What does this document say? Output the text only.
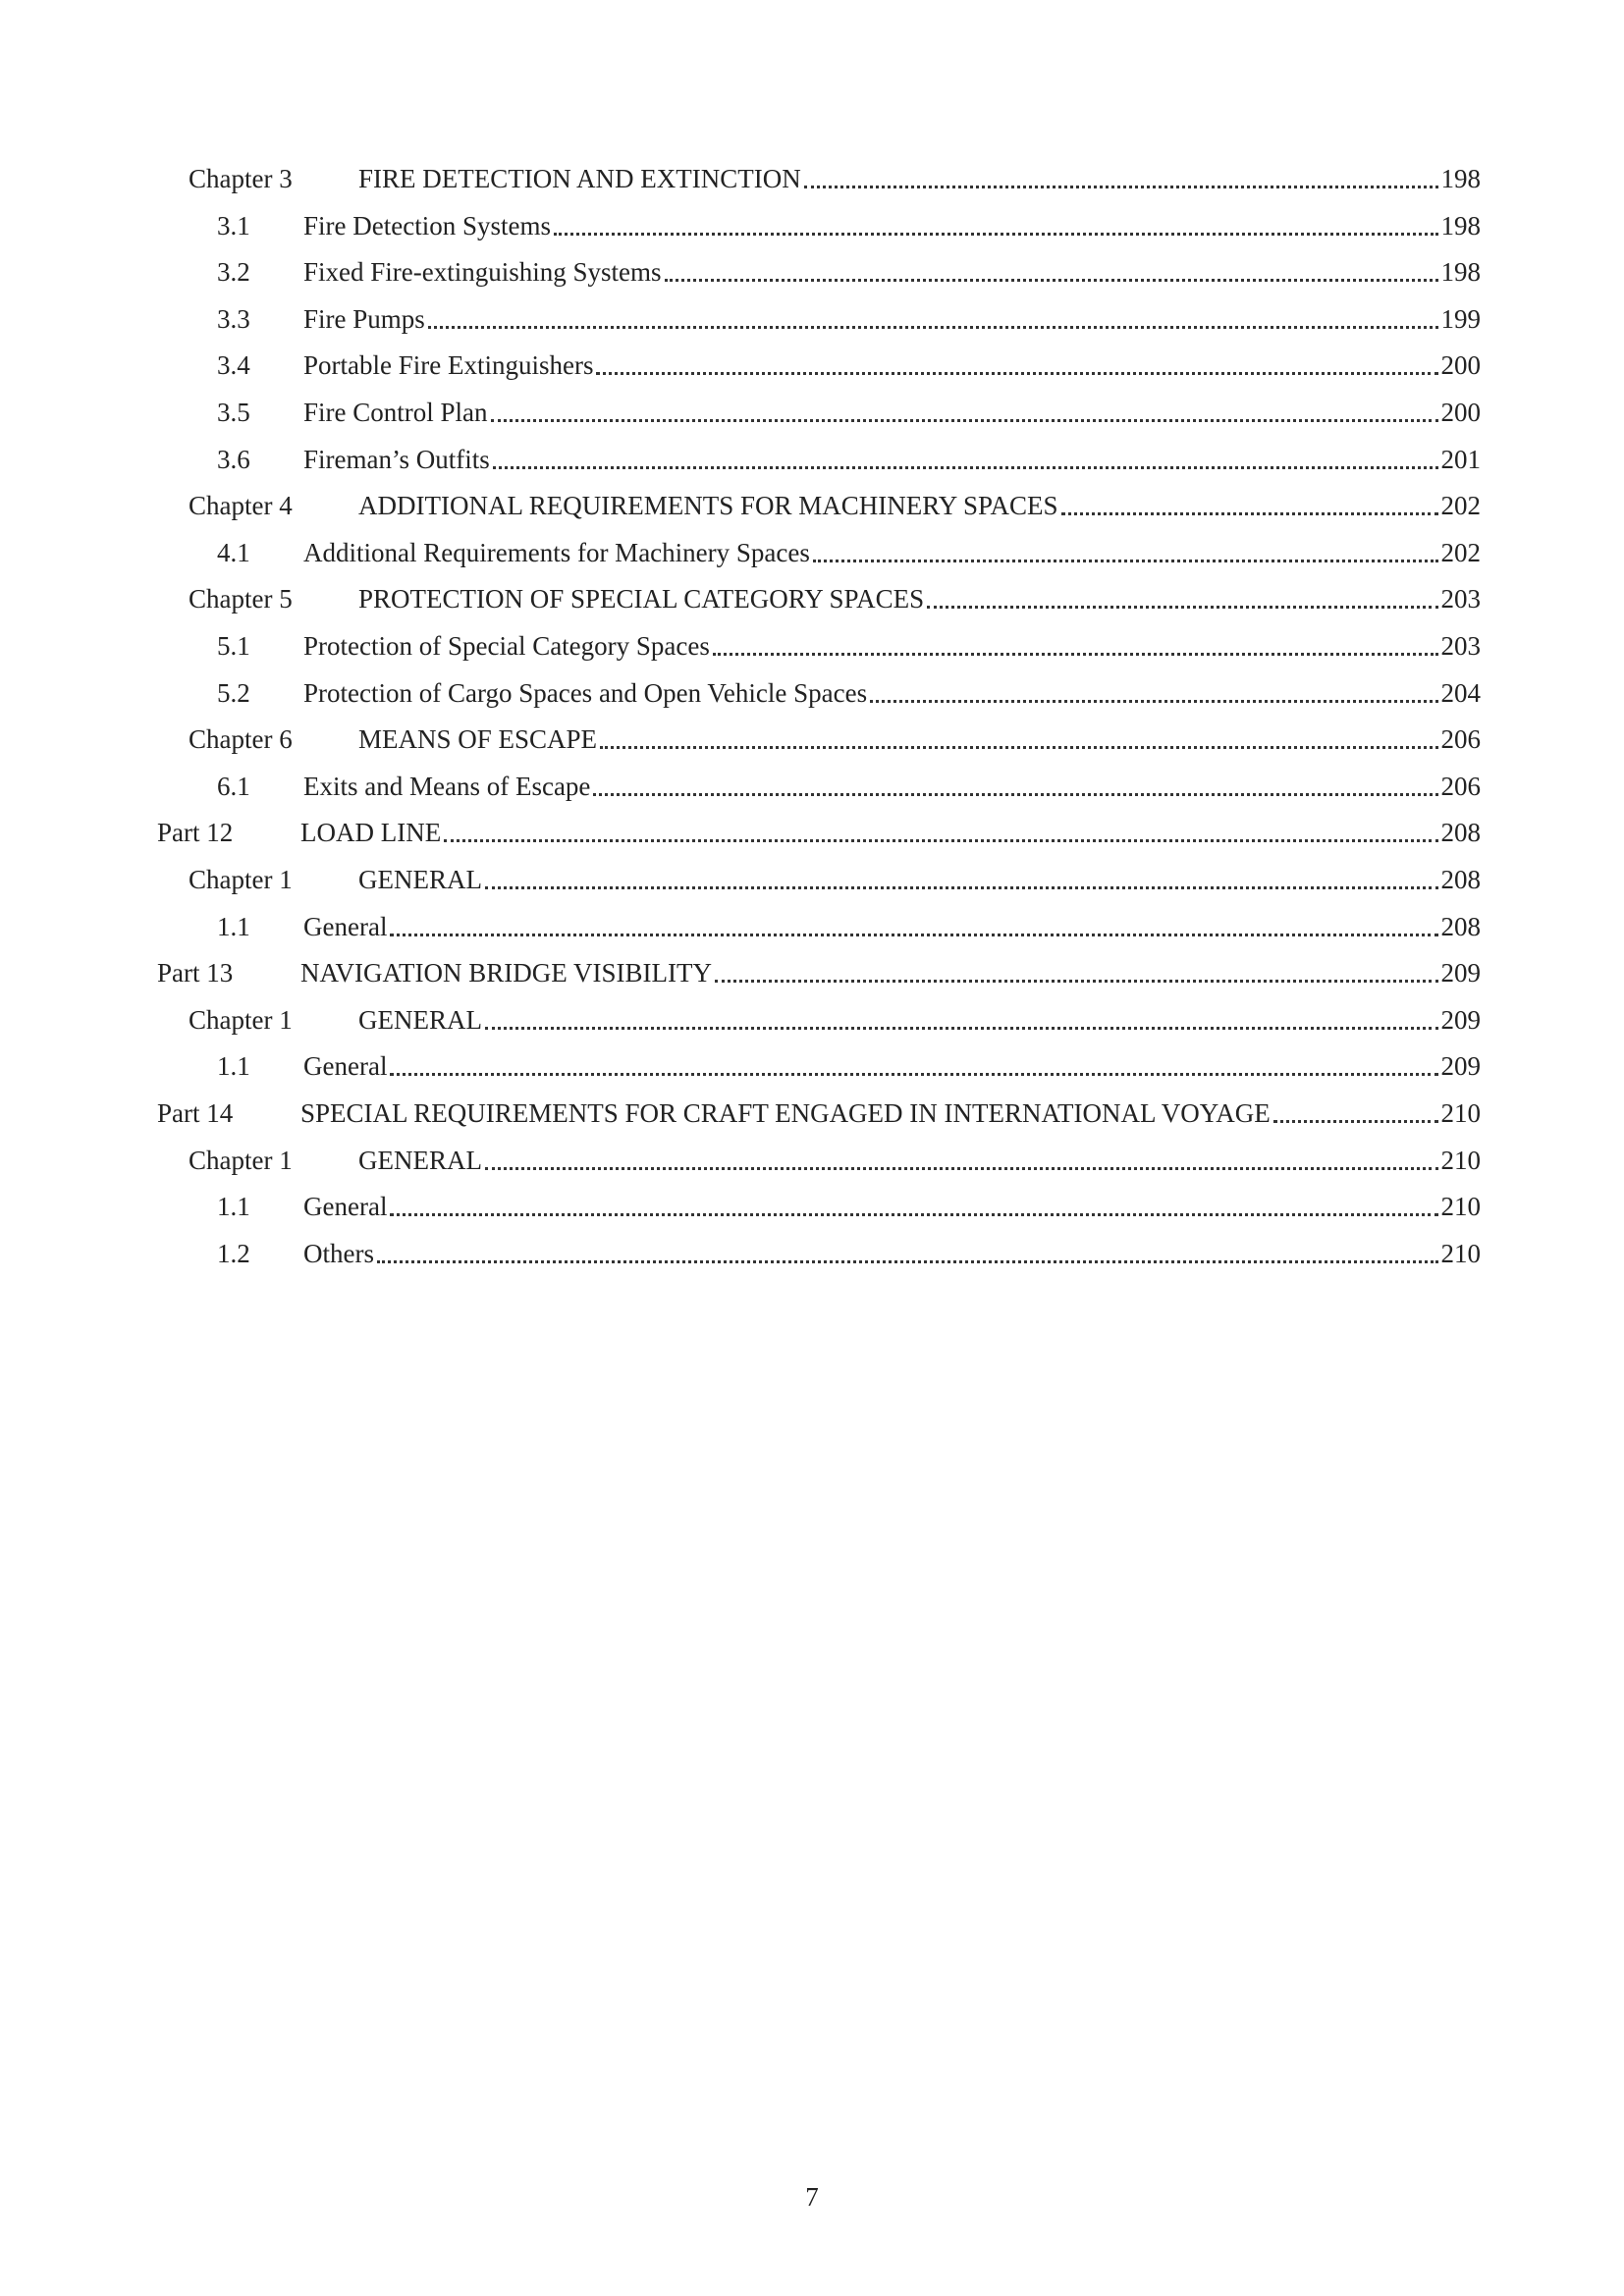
Chapter 3	FIRE DETECTION AND EXTINCTION	198
3.1	Fire Detection Systems	198
3.2	Fixed Fire-extinguishing Systems	198
3.3	Fire Pumps	199
3.4	Portable Fire Extinguishers	200
3.5	Fire Control Plan	200
3.6	Fireman’s Outfits	201
Chapter 4	ADDITIONAL REQUIREMENTS FOR MACHINERY SPACES	202
4.1	Additional Requirements for Machinery Spaces	202
Chapter 5	PROTECTION OF SPECIAL CATEGORY SPACES	203
5.1	Protection of Special Category Spaces	203
5.2	Protection of Cargo Spaces and Open Vehicle Spaces	204
Chapter 6	MEANS OF ESCAPE	206
6.1	Exits and Means of Escape	206
Part 12	LOAD LINE	208
Chapter 1	GENERAL	208
1.1	General	208
Part 13	NAVIGATION BRIDGE VISIBILITY	209
Chapter 1	GENERAL	209
1.1	General	209
Part 14	SPECIAL REQUIREMENTS FOR CRAFT ENGAGED IN INTERNATIONAL VOYAGE	210
Chapter 1	GENERAL	210
1.1	General	210
1.2	Others	210
7
